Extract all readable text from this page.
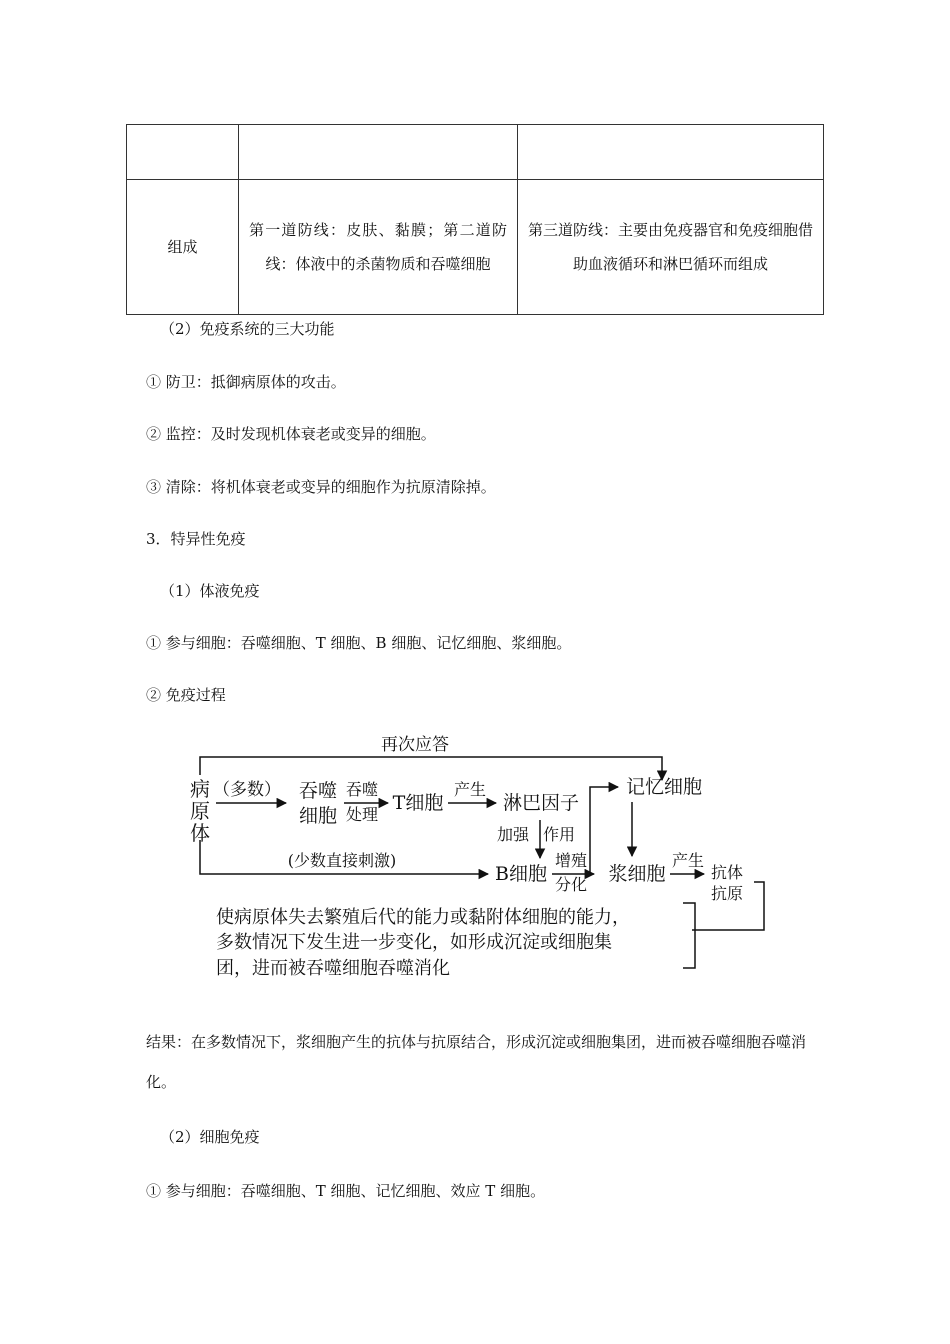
组成	第一道防线：皮肤、黏膜；第二道防线：体液中的杀菌物质和吞噬细胞	第三道防线：主要由免疫器官和免疫细胞借助血液循环和淋巴循环而组成
（2）免疫系统的三大功能
① 防卫：抵御病原体的攻击。
② 监控：及时发现机体衰老或变异的细胞。
③ 清除：将机体衰老或变异的细胞作为抗原清除掉。
3．特异性免疫
（1）体液免疫
① 参与细胞：吞噬细胞、T 细胞、B 细胞、记忆细胞、浆细胞。
② 免疫过程
再次应答
病
原
体
（多数） 吞噬
细胞
吞噬
处理
T细胞
产生
淋巴因子
加强 作用
记忆细胞
(少数直接刺激)
B细胞
增殖
分化 浆细胞
产生
抗体
抗原
使病原体失去繁殖后代的能力或黏附体细胞的能力，
多数情况下发生进一步变化，如形成沉淀或细胞集
团，进而被吞噬细胞吞噬消化
结果：在多数情况下，浆细胞产生的抗体与抗原结合，形成沉淀或细胞集团，进而被吞噬细胞吞噬消化。
（2）细胞免疫
① 参与细胞：吞噬细胞、T 细胞、记忆细胞、效应 T 细胞。
